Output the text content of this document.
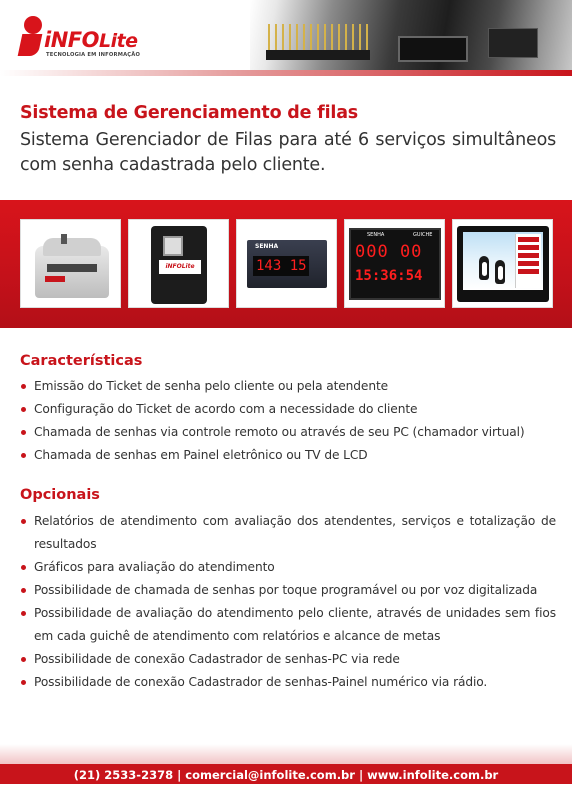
iNFOLite
TECNOLOGIA EM INFORMAÇÃO
Sistema de Gerenciamento de filas
Sistema Gerenciador de Filas para até 6 serviços simultâneos com senha cadastrada pelo cliente.
iNFOLite
SENHA
143 15
SENHA	GUICHE
000 00
15:36:54
Características
Emissão do Ticket de senha pelo cliente ou pela atendente
Configuração do Ticket de acordo com a necessidade do cliente
Chamada de senhas via controle remoto ou através de seu PC (chamador virtual)
Chamada de senhas em Painel eletrônico ou TV de LCD
Opcionais
Relatórios de atendimento com avaliação dos atendentes, serviços e totalização de resultados
Gráficos para avaliação do atendimento
Possibilidade de chamada de senhas por toque programável ou por voz digitalizada
Possibilidade de avaliação do atendimento pelo cliente, através de unidades sem fios em cada guichê de atendimento com relatórios e alcance de metas
Possibilidade de conexão Cadastrador de senhas-PC via rede
Possibilidade de conexão Cadastrador de senhas-Painel numérico via rádio.
(21) 2533-2378 | comercial@infolite.com.br | www.infolite.com.br
